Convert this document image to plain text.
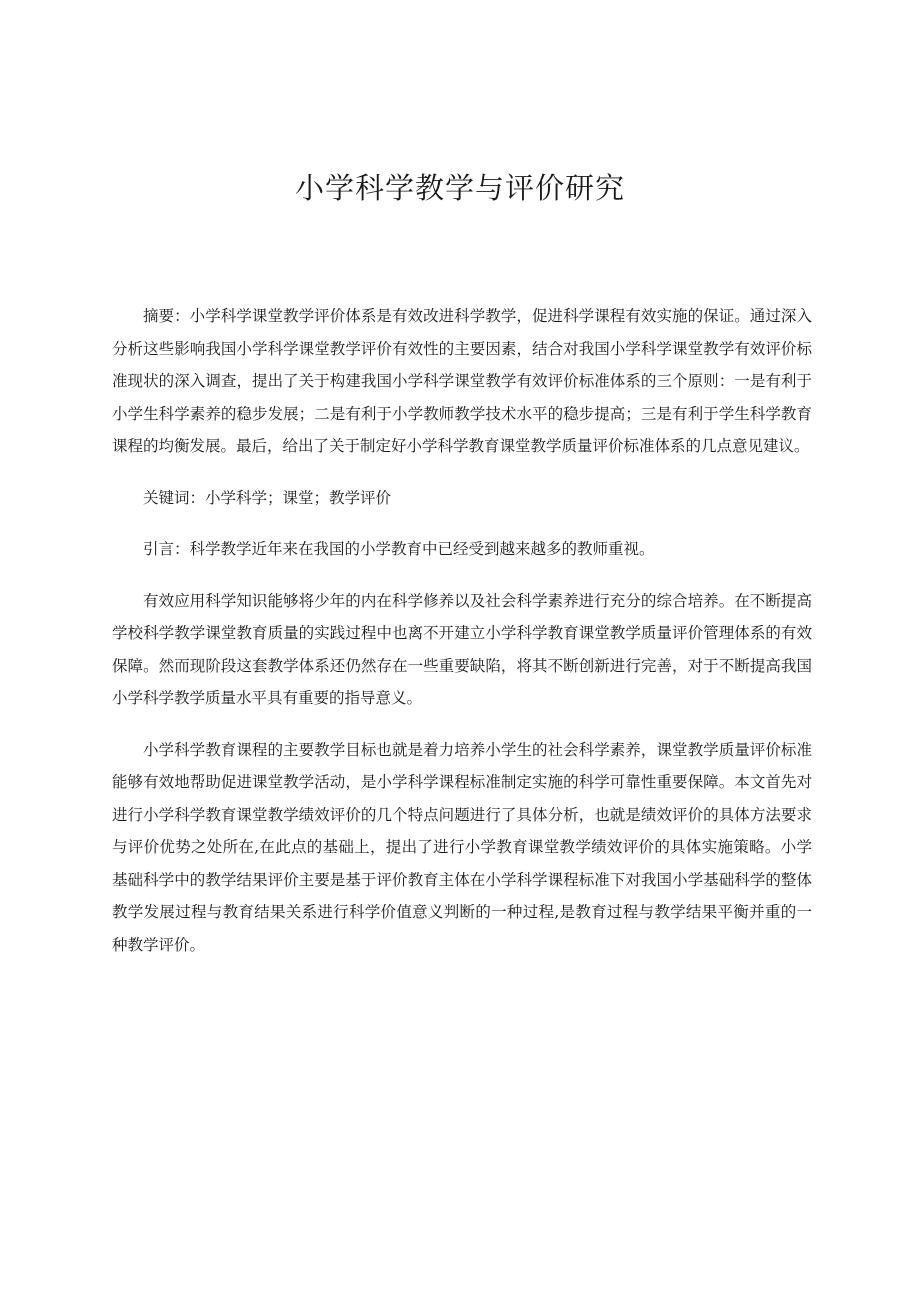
小学科学教学与评价研究

摘要：小学科学课堂教学评价体系是有效改进科学教学，促进科学课程有效实施的保证。通过深入分析这些影响我国小学科学课堂教学评价有效性的主要因素，结合对我国小学科学课堂教学有效评价标准现状的深入调查，提出了关于构建我国小学科学课堂教学有效评价标准体系的三个原则：一是有利于小学生科学素养的稳步发展；二是有利于小学教师教学技术水平的稳步提高；三是有利于学生科学教育课程的均衡发展。最后，给出了关于制定好小学科学教育课堂教学质量评价标准体系的几点意见建议。

关键词：小学科学；课堂；教学评价

引言：科学教学近年来在我国的小学教育中已经受到越来越多的教师重视。

有效应用科学知识能够将少年的内在科学修养以及社会科学素养进行充分的综合培养。在不断提高学校科学教学课堂教育质量的实践过程中也离不开建立小学科学教育课堂教学质量评价管理体系的有效保障。然而现阶段这套教学体系还仍然存在一些重要缺陷，将其不断创新进行完善，对于不断提高我国小学科学教学质量水平具有重要的指导意义。

小学科学教育课程的主要教学目标也就是着力培养小学生的社会科学素养，课堂教学质量评价标准能够有效地帮助促进课堂教学活动，是小学科学课程标准制定实施的科学可靠性重要保障。本文首先对进行小学科学教育课堂教学绩效评价的几个特点问题进行了具体分析，也就是绩效评价的具体方法要求与评价优势之处所在,在此点的基础上，提出了进行小学教育课堂教学绩效评价的具体实施策略。小学基础科学中的教学结果评价主要是基于评价教育主体在小学科学课程标准下对我国小学基础科学的整体教学发展过程与教育结果关系进行科学价值意义判断的一种过程,是教育过程与教学结果平衡并重的一种教学评价。
